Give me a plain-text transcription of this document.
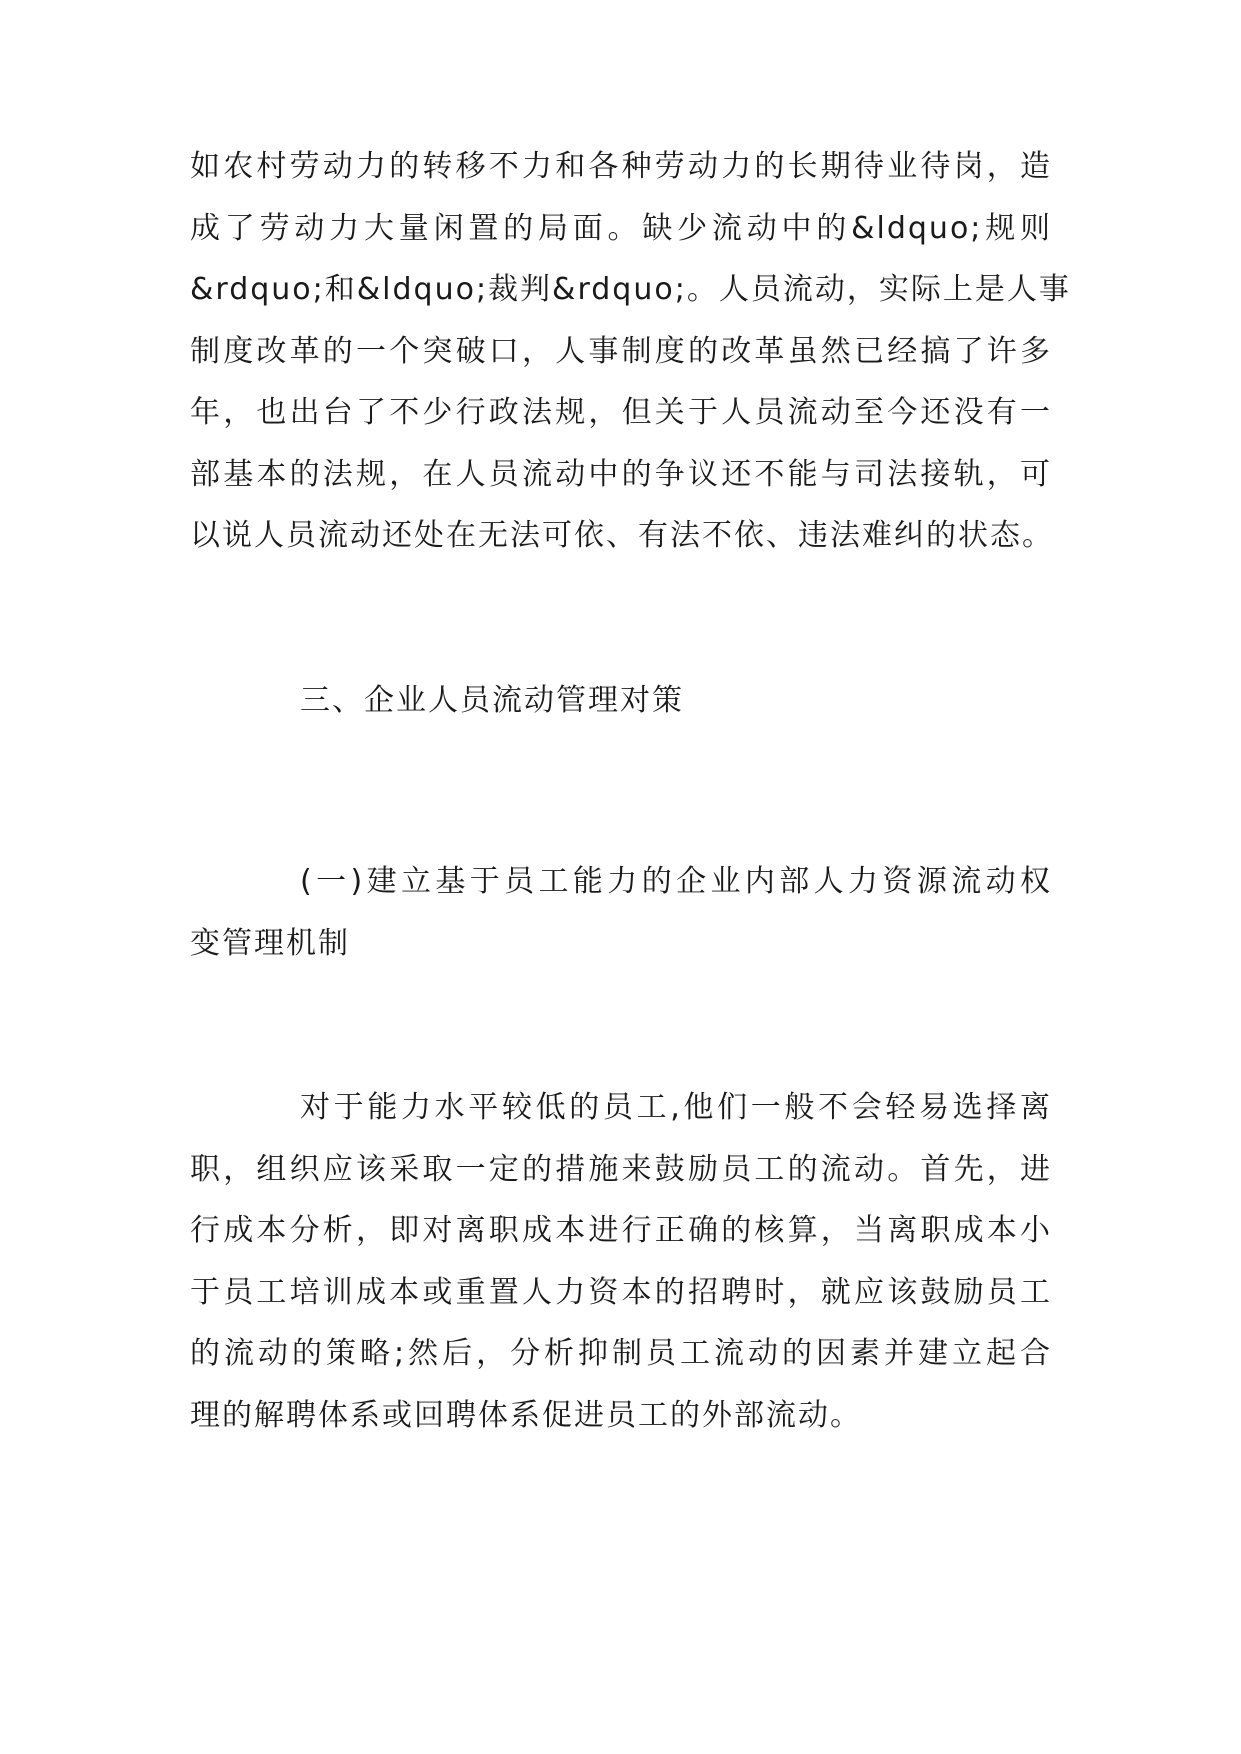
如农村劳动力的转移不力和各种劳动力的长期待业待岗，造
成了劳动力大量闲置的局面。缺少流动中的&ldquo;规则
&rdquo;和&ldquo;裁判&rdquo;。人员流动，实际上是人事
制度改革的一个突破口，人事制度的改革虽然已经搞了许多
年，也出台了不少行政法规，但关于人员流动至今还没有一
部基本的法规，在人员流动中的争议还不能与司法接轨，可
以说人员流动还处在无法可依、有法不依、违法难纠的状态。
三、企业人员流动管理对策
(一)建立基于员工能力的企业内部人力资源流动权
变管理机制
对于能力水平较低的员工,他们一般不会轻易选择离
职，组织应该采取一定的措施来鼓励员工的流动。首先，进
行成本分析，即对离职成本进行正确的核算，当离职成本小
于员工培训成本或重置人力资本的招聘时，就应该鼓励员工
的流动的策略;然后，分析抑制员工流动的因素并建立起合
理的解聘体系或回聘体系促进员工的外部流动。
